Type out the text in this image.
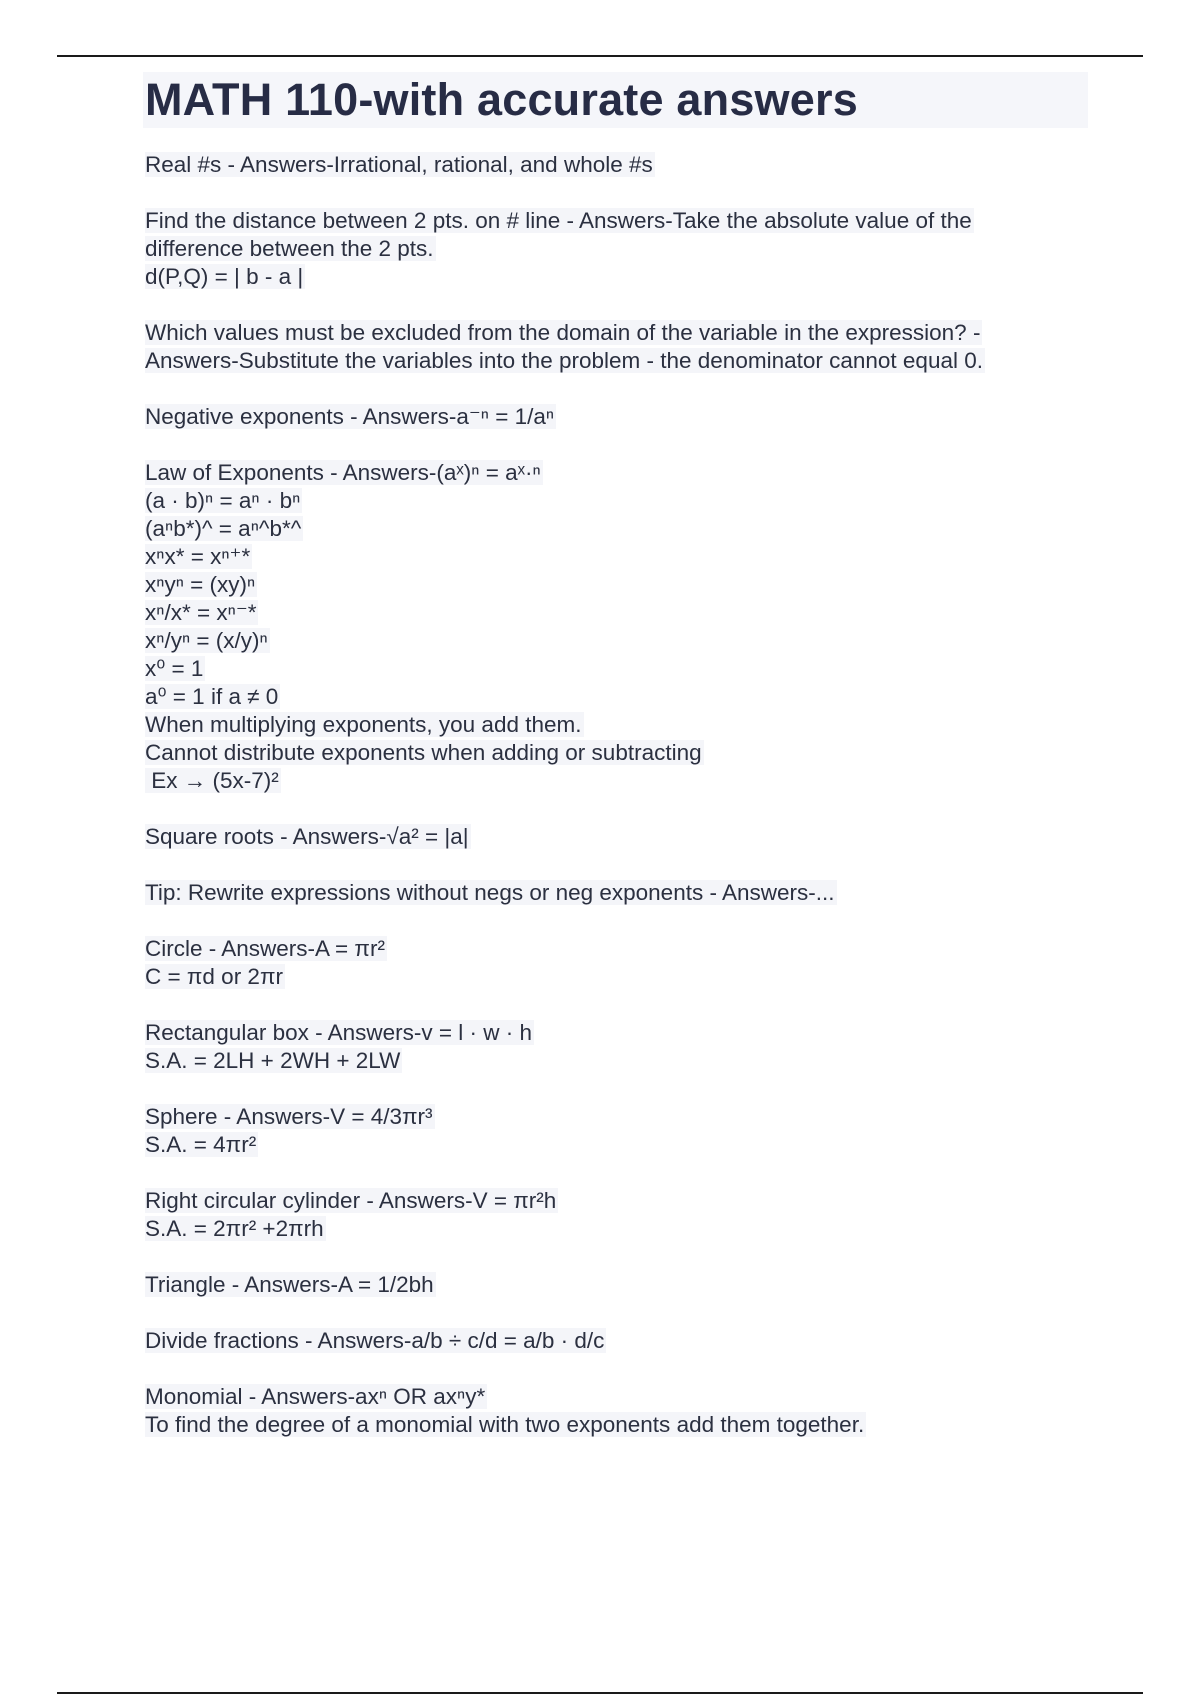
MATH 110-with accurate answers
Real #s - Answers-Irrational, rational, and whole #s
Find the distance between 2 pts. on # line - Answers-Take the absolute value of the
difference between the 2 pts.
d(P,Q) = | b - a |
Which values must be excluded from the domain of the variable in the expression? -
Answers-Substitute the variables into the problem - the denominator cannot equal 0.
Negative exponents - Answers-a⁻ⁿ = 1/aⁿ
Law of Exponents - Answers-(aˣ)ⁿ = aˣ·ⁿ
(a · b)ⁿ = aⁿ · bⁿ
(aⁿb*)^ = aⁿ^b*^
xⁿx* = xⁿ⁺*
xⁿyⁿ = (xy)ⁿ
xⁿ/x* = xⁿ⁻*
xⁿ/yⁿ = (x/y)ⁿ
x⁰ = 1
a⁰ = 1 if a ≠ 0
When multiplying exponents, you add them.
Cannot distribute exponents when adding or subtracting
Ex → (5x-7)²
Square roots - Answers-√a² = |a|
Tip: Rewrite expressions without negs or neg exponents - Answers-...
Circle - Answers-A = πr²
C = πd or 2πr
Rectangular box - Answers-v = l · w · h
S.A. = 2LH + 2WH + 2LW
Sphere - Answers-V = 4/3πr³
S.A. = 4πr²
Right circular cylinder - Answers-V = πr²h
S.A. = 2πr² +2πrh
Triangle - Answers-A = 1/2bh
Divide fractions - Answers-a/b ÷ c/d = a/b · d/c
Monomial - Answers-axⁿ OR axⁿy*
To find the degree of a monomial with two exponents add them together.
